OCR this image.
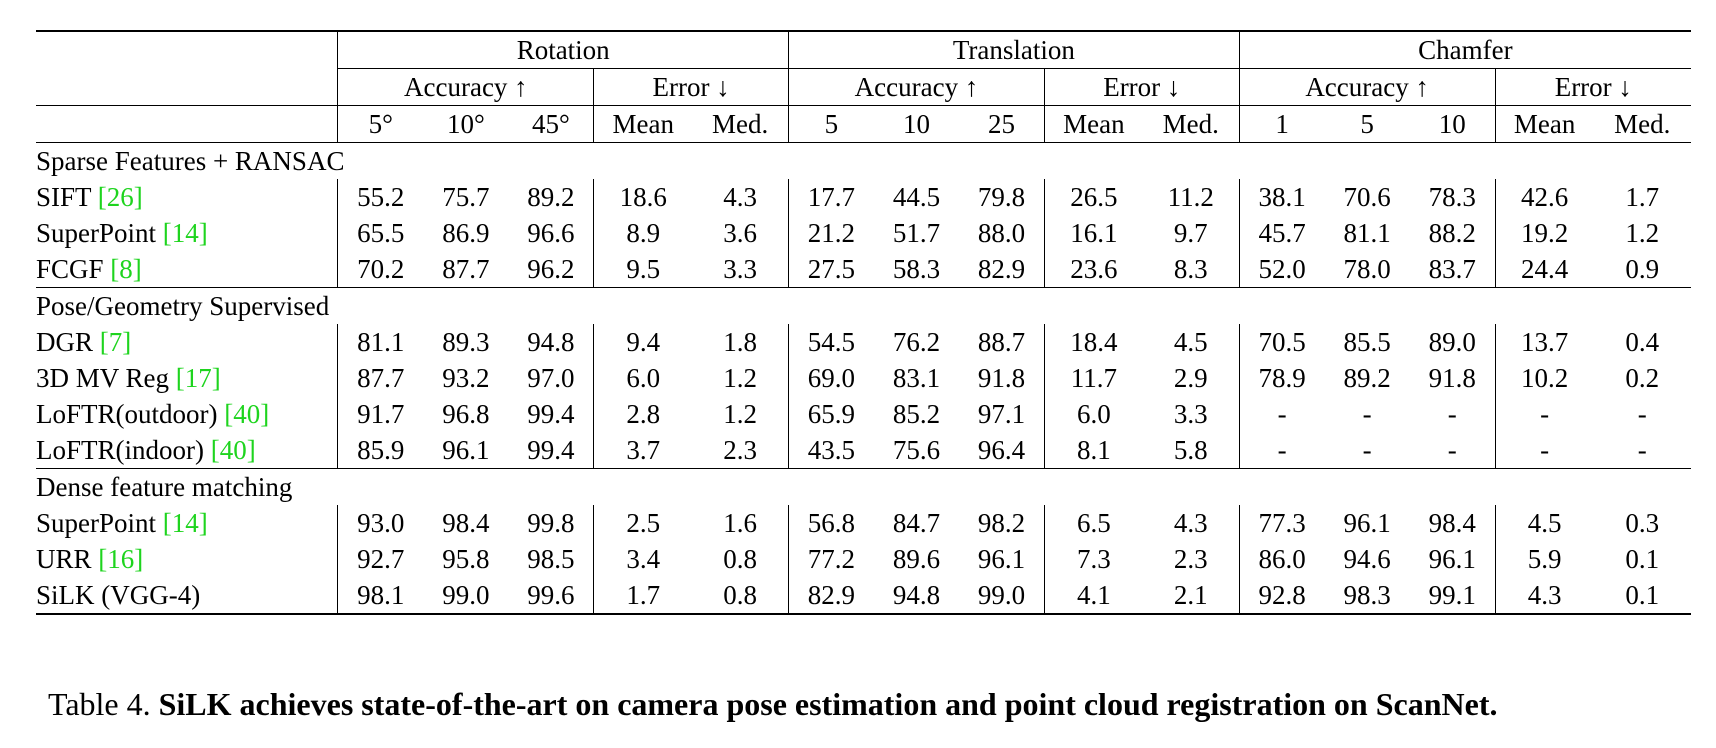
	Rotation					Translation					Chamfer				
	Accuracy ↑			Error ↓		Accuracy ↑			Error ↓		Accuracy ↑			Error ↓	
	5°	10°	45°	Mean	Med.	5	10	25	Mean	Med.	1	5	10	Mean	Med.
Sparse Features + RANSAC															
SIFT [26]	55.2	75.7	89.2	18.6	4.3	17.7	44.5	79.8	26.5	11.2	38.1	70.6	78.3	42.6	1.7
SuperPoint [14]	65.5	86.9	96.6	8.9	3.6	21.2	51.7	88.0	16.1	9.7	45.7	81.1	88.2	19.2	1.2
FCGF [8]	70.2	87.7	96.2	9.5	3.3	27.5	58.3	82.9	23.6	8.3	52.0	78.0	83.7	24.4	0.9
Pose/Geometry Supervised															
DGR [7]	81.1	89.3	94.8	9.4	1.8	54.5	76.2	88.7	18.4	4.5	70.5	85.5	89.0	13.7	0.4
3D MV Reg [17]	87.7	93.2	97.0	6.0	1.2	69.0	83.1	91.8	11.7	2.9	78.9	89.2	91.8	10.2	0.2
LoFTR(outdoor) [40]	91.7	96.8	99.4	2.8	1.2	65.9	85.2	97.1	6.0	3.3	-	-	-	-	-
LoFTR(indoor) [40]	85.9	96.1	99.4	3.7	2.3	43.5	75.6	96.4	8.1	5.8	-	-	-	-	-
Dense feature matching															
SuperPoint [14]	93.0	98.4	99.8	2.5	1.6	56.8	84.7	98.2	6.5	4.3	77.3	96.1	98.4	4.5	0.3
URR [16]	92.7	95.8	98.5	3.4	0.8	77.2	89.6	96.1	7.3	2.3	86.0	94.6	96.1	5.9	0.1
SiLK (VGG-4)	98.1	99.0	99.6	1.7	0.8	82.9	94.8	99.0	4.1	2.1	92.8	98.3	99.1	4.3	0.1
Table 4. SiLK achieves state-of-the-art on camera pose estimation and point cloud registration on ScanNet.
